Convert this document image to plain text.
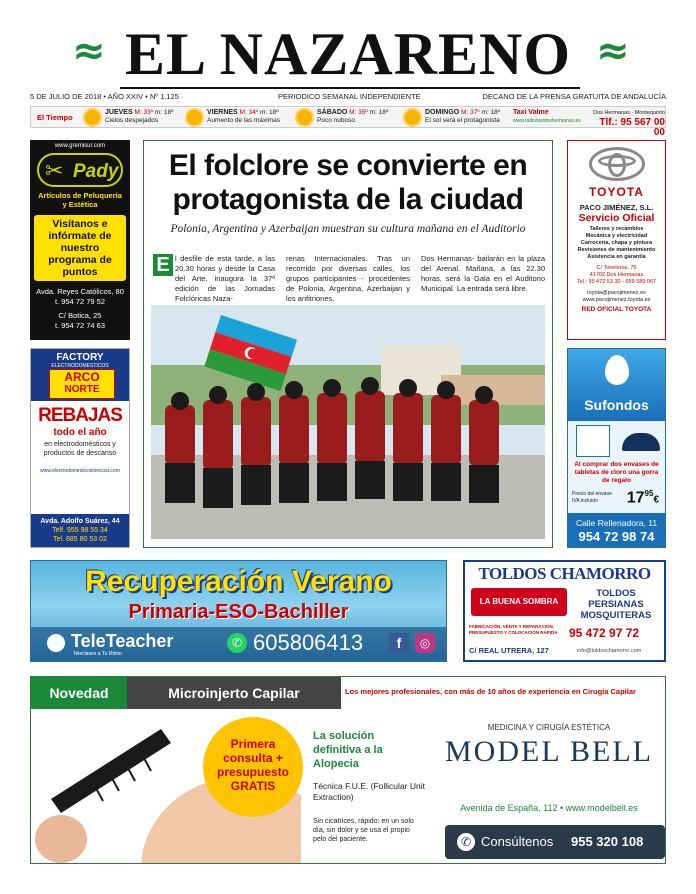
≈ EL NAZARENO ≈
5 DE JULIO DE 2018 • AÑO XXIV • Nº 1.125	PERIODICO SEMANAL INDEPENDIENTE	DECANO DE LA PRENSA GRATUITA DE ANDALUCÍA
El Tiempo
JUEVES M: 33º m: 18º
Cielos despejados
VIERNES M: 34º m: 18º
Aumento de las máximas
SÁBADO M: 35º m: 18º
Poco nuboso
DOMINGO M: 37º m: 18º
El sol será el protagonista
Taxi Valme
www.radiotaxidoshermanas.es
Dos Hermanas · Montequinto
Tlf.: 95 567 00 00
www.gremisur.com
✂ Pady
Artículos de Peluquería y Estética
Visítanos e infórmate de nuestro programa de puntos
Avda. Reyes Católicos, 80
t. 954 72 79 52
C/ Botica, 25
t. 954 72 74 63
FACTORY
ELECTRODOMESTICOS
ARCO
NORTE
REBAJAS
todo el año
en electrodomésticos y productos de descanso
www.electrodomesticoslowcost.com
Avda. Adolfo Suárez, 44
Telf. 955 98 55 34
Tel. 685 80 53 02
El folclore se convierte en protagonista de la ciudad
Polonia, Argentina y Azerbaijan muestran su cultura mañana en el Auditorio
E l desfile de esta tarde, a las 20.30 horas y desde la Casa del Arte, inaugura la 37ª edición de las Jornadas Folclóricas Naza-
renas Internacionales. Tras un recorrido por diversas calles, los grupos participantes - procedentes de Polonia, Argentina, Azerbaijan y los anfitriones,
Dos Hermanas- bailarán en la plaza del Arenal. Mañana, a las 22.30 horas, será la Gala en el Auditorio Municipal. La entrada será libre.
TOYOTA
PACO JIMÉNEZ, S.L.
Servicio Oficial
Talleres y recambios
Mecánica y electricidad
Carrocería, chapa y pintura
Revisiones de mantenimiento
Asistencia en garantía
C/ Toneleros, 75
41702 Dos Hermanas
Tel.: 95 472 53 30 - 659 589 067
toyota@pacojimenez.es
www.pacojimenez.toyota.es
RED OFICIAL TOYOTA
Sufondos
Al comprar dos envases de tabletas de cloro una gorra de regalo
Precio del envase
IVA incluido	$17^{95}€$
Calle Rellenadora, 11
954 72 98 74
Recuperación Verano
Primaria-ESO-Bachiller
TeleTeacher
Teleclases a Tu Ritmo
✆ 605806413	f	◎
TOLDOS CHAMORRO
LA BUENA SOMBRA
TOLDOS
PERSIANAS
MOSQUITERAS
FABRICACIÓN, VENTA Y REPARACIÓN. PRESUPUESTO Y COLOCACIÓN RÁPIDA 95 472 97 72
C/ REAL UTRERA, 127	info@toldoschamorro.com
Novedad	Microinjerto Capilar	Los mejores profesionales, con más de 10 años de experiencia en Cirugía Capilar
Primera consulta + presupuesto GRATIS
La solución definitiva a la Alopecia
Técnica F.U.E. (Follicular Unit Extraction)
Sin cicatrices, rápido: en un solo día, sin dolor y se usa el propio pelo del paciente.
MEDICINA Y CIRUGÍA ESTÉTICA
MODEL BELL
Avenida de España, 112 • www.modelbell.es
✆ Consúltenos 955 320 108
